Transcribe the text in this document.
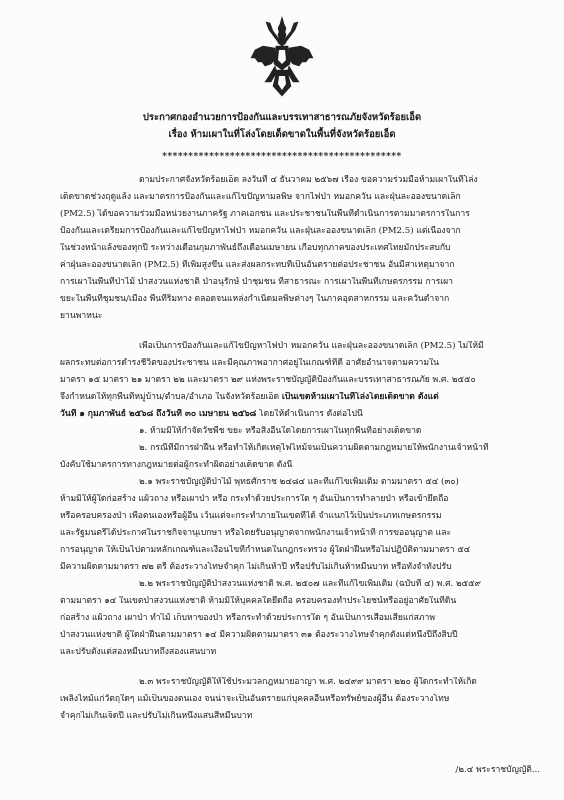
ประกาศกองอำนวยการป้องกันและบรรเทาสาธารณภัยจังหวัดร้อยเอ็ด
เรื่อง ห้ามเผาในที่โล่งโดยเด็ดขาดในพื้นที่จังหวัดร้อยเอ็ด
**********************************************
ตามประกาศจังหวัดร้อยเอ็ด ลงวันที่ ๔ ธันวาคม ๒๕๖๗ เรื่อง ขอความร่วมมือห้ามเผาในที่โล่ง
เด็ดขาดช่วงฤดูแล้ง และมาตรการป้องกันและแก้ไขปัญหามลพิษ จากไฟป่า หมอกควัน และฝุ่นละอองขนาดเล็ก
(PM2.5) ได้ขอความร่วมมือหน่วยงานภาครัฐ ภาคเอกชน และประชาชนในพื้นที่ดำเนินการตามมาตรการในการ
ป้องกันและเตรียมการป้องกันและแก้ไขปัญหาไฟป่า หมอกควัน และฝุ่นละอองขนาดเล็ก (PM2.5) แต่เนื่องจาก
ในช่วงหน้าแล้งของทุกปี ระหว่างเดือนกุมภาพันธ์ถึงเดือนเมษายน เกือบทุกภาคของประเทศไทยมักประสบกับ
ค่าฝุ่นละอองขนาดเล็ก (PM2.5) ที่เพิ่มสูงขึ้น และส่งผลกระทบที่เป็นอันตรายต่อประชาชน อันมีสาเหตุมาจาก
การเผาในพื้นที่ป่าไม้ ป่าสงวนแห่งชาติ ป่าอนุรักษ์ ป่าชุมชน ที่สาธารณะ การเผาในพื้นที่เกษตรกรรม การเผา
ขยะในพื้นที่ชุมชน/เมือง พื้นที่ริมทาง ตลอดจนแหล่งกำเนิดมลพิษต่างๆ ในภาคอุตสาหกรรม และควันดำจาก
ยานพาหนะ
เพื่อเป็นการป้องกันและแก้ไขปัญหาไฟป่า หมอกควัน และฝุ่นละอองขนาดเล็ก (PM2.5) ไม่ให้มี
ผลกระทบต่อการดำรงชีวิตของประชาชน และมีคุณภาพอากาศอยู่ในเกณฑ์ที่ดี อาศัยอำนาจตามความใน
มาตรา ๑๕ มาตรา ๒๑ มาตรา ๒๒ และมาตรา ๒๙ แห่งพระราชบัญญัติป้องกันและบรรเทาสาธารณภัย พ.ศ. ๒๕๕๐
จึงกำหนดให้ทุกพื้นที่หมู่บ้าน/ตำบล/อำเภอ ในจังหวัดร้อยเอ็ด เป็นเขตห้ามเผาในที่โล่งโดยเด็ดขาด ตั้งแต่
วันที่ ๑ กุมภาพันธ์ ๒๕๖๘ ถึงวันที่ ๓๐ เมษายน ๒๕๖๘ โดยให้ดำเนินการ ดังต่อไปนี้
๑. ห้ามมิให้กำจัดวัชพืช ขยะ หรือสิ่งอื่นใดโดยการเผาในทุกพื้นที่อย่างเด็ดขาด
๒. กรณีที่มีการฝ่าฝืน หรือทำให้เกิดเหตุไฟไหม้จนเป็นความผิดตามกฎหมายให้พนักงานเจ้าหน้าที่
บังคับใช้มาตรการทางกฎหมายต่อผู้กระทำผิดอย่างเด็ดขาด ดังนี้
๒.๑ พระราชบัญญัติป่าไม้ พุทธศักราช ๒๔๘๔ และที่แก้ไขเพิ่มเติม ตามมาตรา ๕๔ (๓๐)
ห้ามมิให้ผู้ใดก่อสร้าง แผ้วถาง หรือเผาป่า หรือ กระทำด้วยประการใด ๆ อันเป็นการทำลายป่า หรือเข้ายึดถือ
หรือครอบครองป่า เพื่อตนเองหรือผู้อื่น เว้นแต่จะกระทำภายในเขตที่ได้ จำแนกไว้เป็นประเภทเกษตรกรรม
และรัฐมนตรีได้ประกาศในราชกิจจานุเบกษา หรือโดยรับอนุญาตจากพนักงานเจ้าหน้าที่ การขออนุญาต และ
การอนุญาต ให้เป็นไปตามหลักเกณฑ์และเงื่อนไขที่กำหนดในกฎกระทรวง ผู้ใดฝ่าฝืนหรือไม่ปฏิบัติตามมาตรา ๕๔
มีความผิดตามมาตรา ๗๒ ตรี ต้องระวางโทษจำคุก ไม่เกินห้าปี หรือปรับไม่เกินห้าหมื่นบาท หรือทั้งจำทั้งปรับ
๒.๒ พระราชบัญญัติป่าสงวนแห่งชาติ พ.ศ. ๒๕๐๗ และที่แก้ไขเพิ่มเติม (ฉบับที่ ๔) พ.ศ. ๒๕๕๙
ตามมาตรา ๑๔ ในเขตป่าสงวนแห่งชาติ ห้ามมิให้บุคคลใดยึดถือ ครอบครองทำประโยชน์หรืออยู่อาศัยในที่ดิน
ก่อสร้าง แผ้วถาง เผาป่า ทำไม้ เก็บหาของป่า หรือกระทำด้วยประการใด ๆ อันเป็นการเสื่อมเสียแก่สภาพ
ป่าสงวนแห่งชาติ ผู้ใดฝ่าฝืนตามมาตรา ๑๔ มีความผิดตามมาตรา ๓๑ ต้องระวางโทษจำคุกตั้งแต่หนึ่งปีถึงสิบปี
และปรับตั้งแต่สองหมื่นบาทถึงสองแสนบาท
๒.๓ พระราชบัญญัติให้ใช้ประมวลกฎหมายอาญา พ.ศ. ๒๔๙๙ มาตรา ๒๒๐ ผู้ใดกระทำให้เกิด
เพลิงไหม้แก่วัตถุใดๆ แม้เป็นของตนเอง จนน่าจะเป็นอันตรายแก่บุคคลอื่นหรือทรัพย์ของผู้อื่น ต้องระวางโทษ
จำคุกไม่เกินเจ็ดปี และปรับไม่เกินหนึ่งแสนสี่หมื่นบาท
/๒.๔ พระราชบัญญัติ...
